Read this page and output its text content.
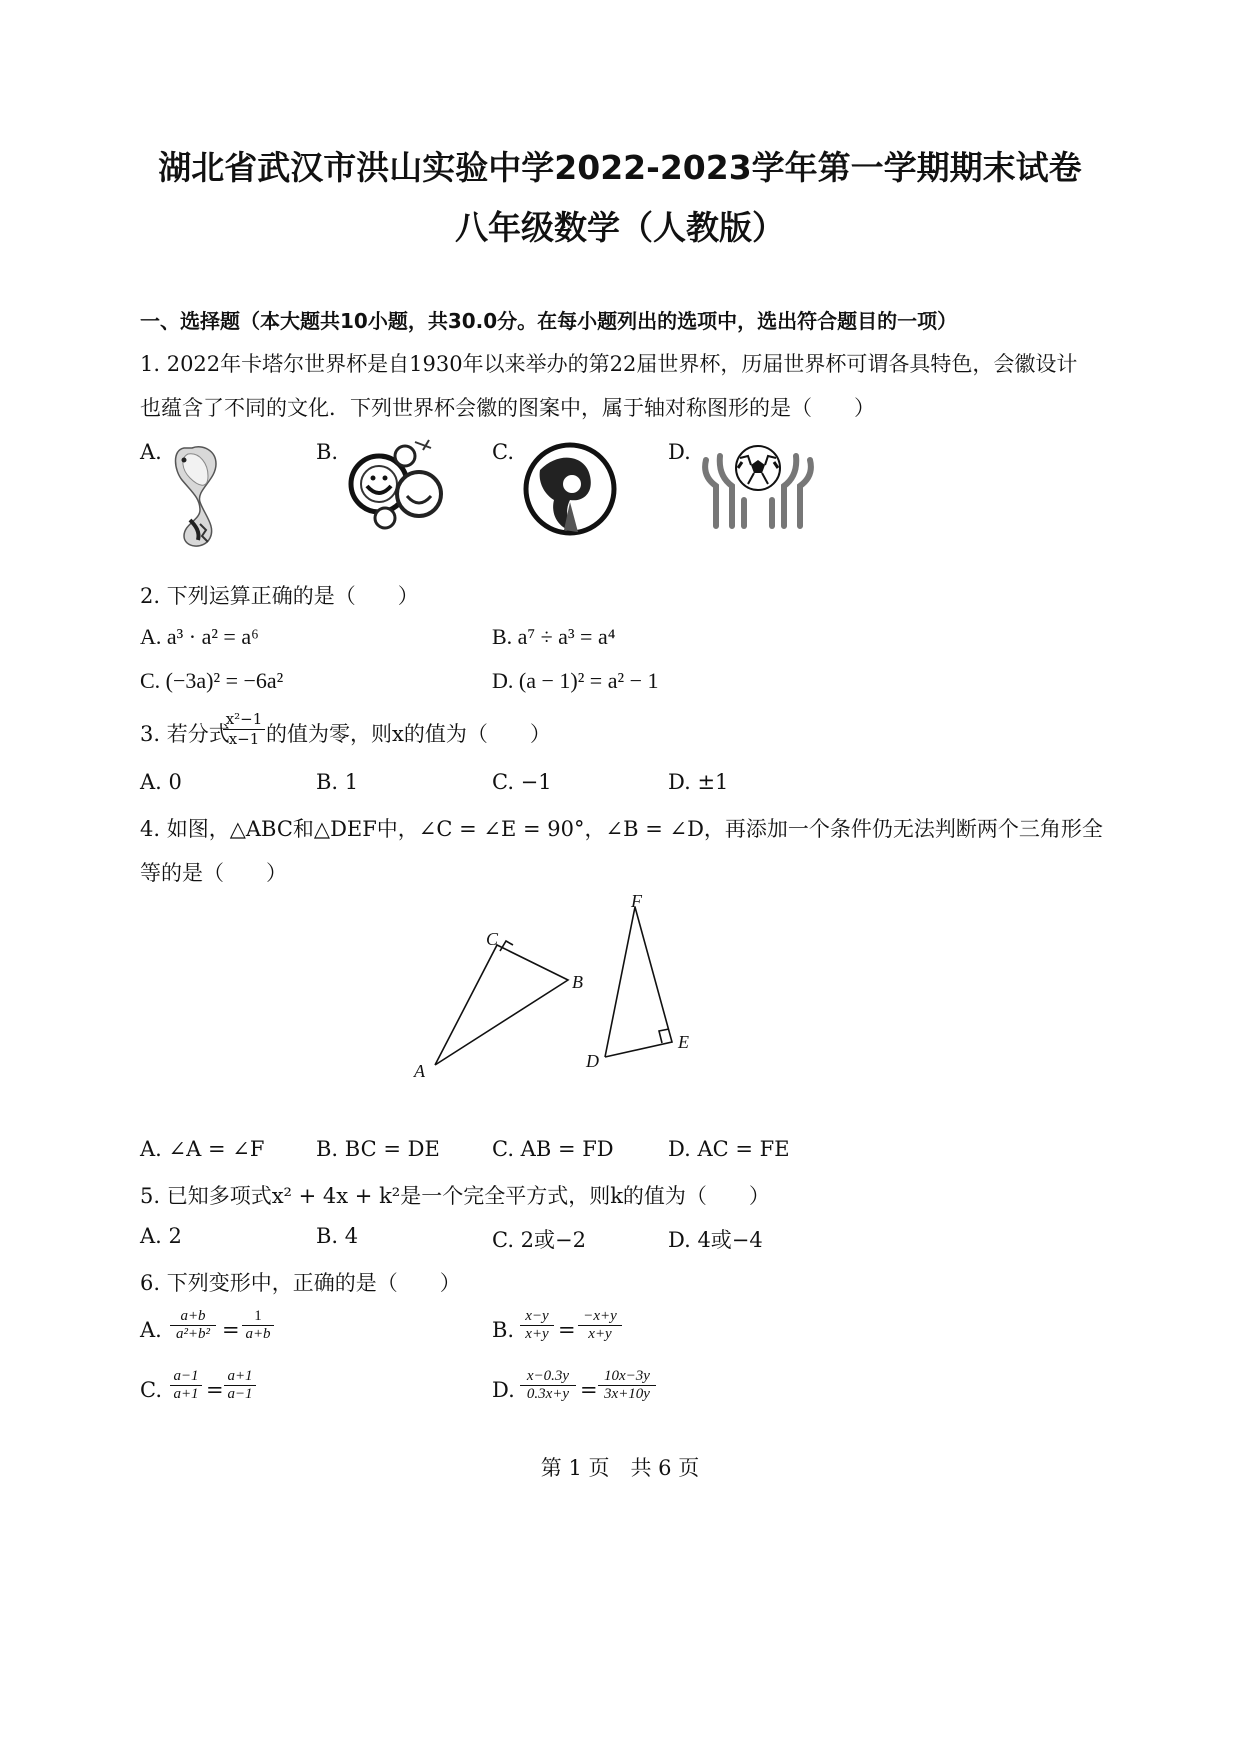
湖北省武汉市洪山实验中学2022-2023学年第一学期期末试卷
八年级数学（人教版）
一、选择题（本大题共10小题，共30.0分。在每小题列出的选项中，选出符合题目的一项）
1. 2022年卡塔尔世界杯是自1930年以来举办的第22届世界杯，历届世界杯可谓各具特色，会徽设计
也蕴含了不同的文化．下列世界杯会徽的图案中，属于轴对称图形的是（　　）
A.	B.	C.	D.
2. 下列运算正确的是（　　）
A. a³ · a² = a⁶	B. a⁷ ÷ a³ = a⁴
C. (−3a)² = −6a²	D. (a − 1)² = a² − 1
3. 若分式
$\frac{\text{x²−1}}{x-1}$ 的值为零，则x的值为（　　）
A. 0	B. 1	C. −1	D. ±1
4. 如图，△ABC和△DEF中，∠C = ∠E = 90°，∠B = ∠D，再添加一个条件仍无法判断两个三角形全
等的是（　　）
A
B
C
D
E
F
A. ∠A = ∠F B. BC = DE C. AB = FD	D. AC = FE
5. 已知多项式x² + 4x + k²是一个完全平方式，则k的值为（　　）
A. 2	B. 4	C. 2或−2	D. 4或−4
6. 下列变形中，正确的是（　　）
A. $\frac{a+b}{\text{a²+b²}} = \frac{1}{a+b}$	B. $\frac{x-y}{x+y} = \frac{-x+y}{x+y}$
C. $\frac{a-1}{a+1} = \frac{a+1}{a-1}$	D. $\frac{x-0.3y}{0.3x+y} = \frac{10x-3y}{3x+10y}$
第 1 页　共 6 页
